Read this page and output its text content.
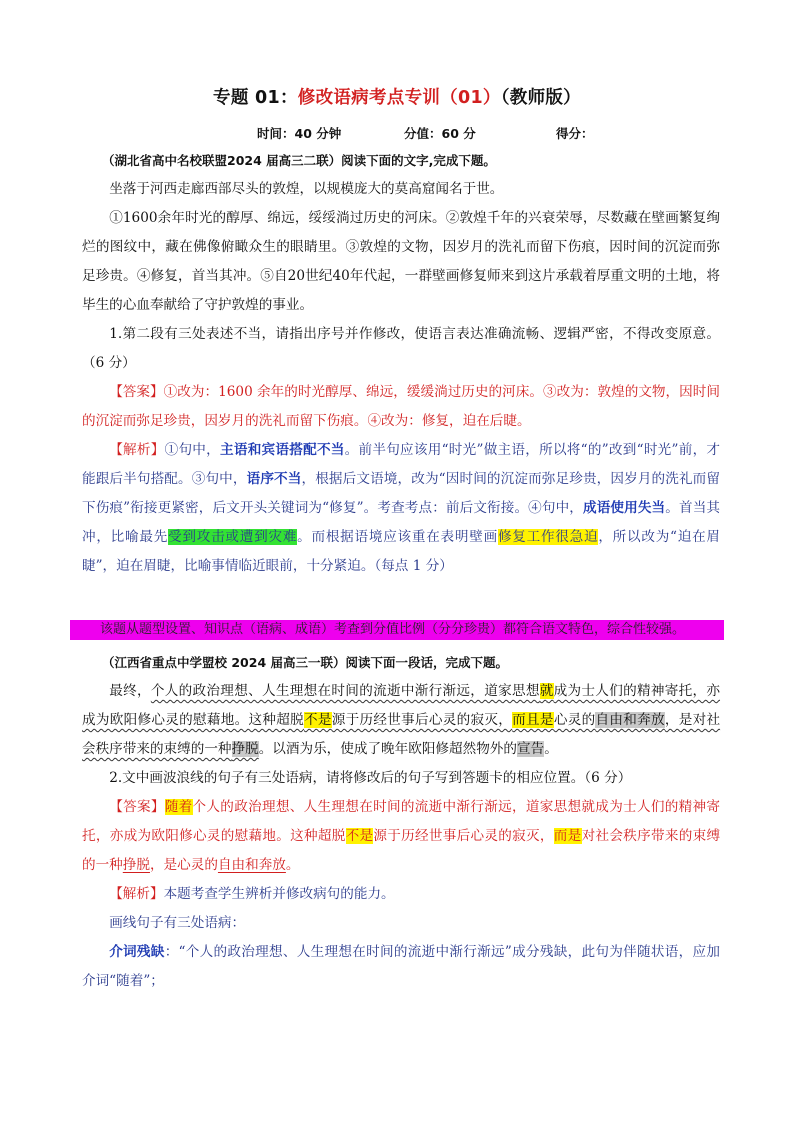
专题 01：修改语病考点专训（01）（教师版）
时间：40 分钟	分值：60 分	得分：

（湖北省高中名校联盟2024 届高三二联）阅读下面的文字,完成下题。

坐落于河西走廊西部尽头的敦煌，以规模庞大的莫高窟闻名于世。

①1600余年时光的醇厚、绵远，绥绥淌过历史的河床。②敦煌千年的兴衰荣辱，尽数藏在壁画繁复绚烂的图纹中，藏在佛像俯瞰众生的眼睛里。③敦煌的文物，因岁月的洗礼而留下伤痕，因时间的沉淀而弥足珍贵。④修复，首当其冲。⑤自20世纪40年代起，一群壁画修复师来到这片承载着厚重文明的土地，将毕生的心血奉献给了守护敦煌的事业。

1.第二段有三处表述不当，请指出序号并作修改，使语言表达准确流畅、逻辑严密，不得改变原意。（6 分）

【答案】①改为：1600 余年的时光醇厚、绵远，缓缓淌过历史的河床。③改为：敦煌的文物，因时间的沉淀而弥足珍贵，因岁月的洗礼而留下伤痕。④改为：修复，迫在后睫。

【解析】①句中，主语和宾语搭配不当。前半句应该用“时光”做主语，所以将“的”改到“时光”前，才能跟后半句搭配。③句中，语序不当，根据后文语境，改为“因时间的沉淀而弥足珍贵，因岁月的洗礼而留下伤痕”衔接更紧密，后文开头关键词为“修复”。考查考点：前后文衔接。④句中，成语使用失当。首当其冲，比喻最先受到攻击或遭到灾难。而根据语境应该重在表明壁画修复工作很急迫，所以改为“迫在眉睫”，迫在眉睫，比喻事情临近眼前，十分紧迫。（每点 1 分）

该题从题型设置、知识点（语病、成语）考查到分值比例（分分珍贵）都符合语文特色，综合性较强。

（江西省重点中学盟校 2024 届高三一联）阅读下面一段话，完成下题。

最终，个人的政治理想、人生理想在时间的流逝中渐行渐远，道家思想就成为士人们的精神寄托，亦成为欧阳修心灵的慰藉地。这种超脱不是源于历经世事后心灵的寂灭，而且是心灵的自由和奔放，是对社会秩序带来的束缚的一种挣脱。以酒为乐，使成了晚年欧阳修超然物外的宣告。

2.文中画波浪线的句子有三处语病，请将修改后的句子写到答题卡的相应位置。（6 分）

【答案】随着个人的政治理想、人生理想在时间的流逝中渐行渐远，道家思想就成为士人们的精神寄托，亦成为欧阳修心灵的慰藉地。这种超脱不是源于历经世事后心灵的寂灭，而是对社会秩序带来的束缚的一种挣脱，是心灵的自由和奔放。

【解析】本题考查学生辨析并修改病句的能力。

画线句子有三处语病：

介词残缺：“个人的政治理想、人生理想在时间的流逝中渐行渐远”成分残缺，此句为伴随状语，应加介词“随着”；
